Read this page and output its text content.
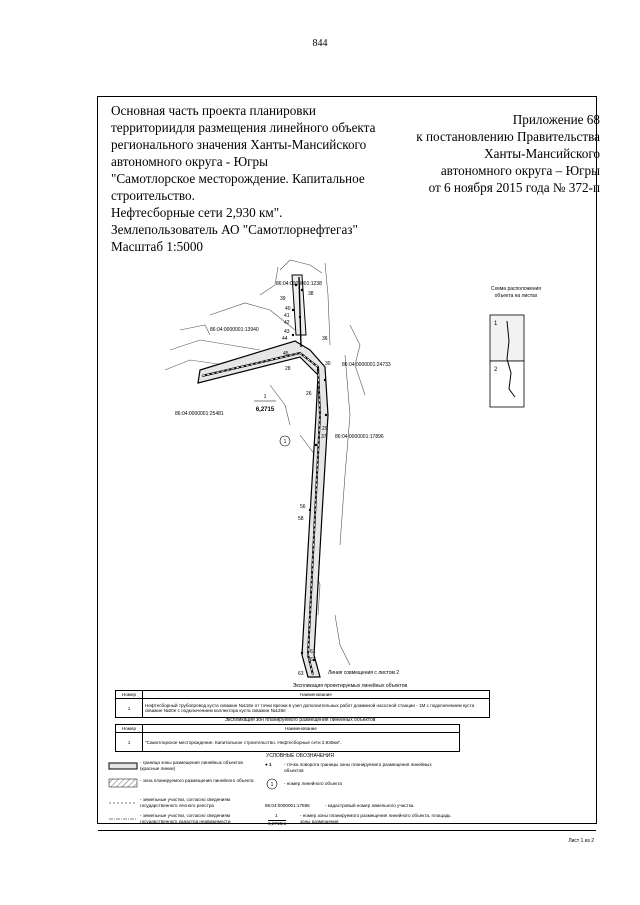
844
Лист 1 из 2
Основная часть проекта планировки
территориидля размещения линейного объекта
регионального значения Ханты-Мансийского
автономного округа - Югры
"Самотлорское месторождение. Капитальное
строительство.
Нефтесборные сети 2,930 км".
Землепользователь АО "Самотлорнефтегаз"
Масштаб 1:5000
Приложение 68
к постановлению Правительства
Ханты-Мансийского
автономного округа – Югры
от 6 ноября 2015 года № 372-п
86:04:0000001:1238
86:04:0000001:13940
86:04:0000001:24733
86:04:0000001:25481
86:04:0000001:17896
39
38
40
41
42
43
44
45
36
28
30
26
29
37
56
58
61
62
63
1
6,2715
1
Линия совмещения с листом 2
Схема расположения
объекта на листах
1
2
Экспликация проектируемых линейных объектов
Номер	Наименование
1	Нефтесборный трубопровод куста скважин №116е от точки врезки в узел дополнительных работ дожимной насосной станции - 1М с подключением куста скважин №20е с подключением коллектора куста скважин №126е
Экспликация зон планируемого размещения линейных объектов
Номер	Наименование
1	"Самотлорское месторождение. Капитальное строительство. Нефтесборные сети 2,930км".
УСЛОВНЫЕ ОБОЗНАЧЕНИЯ
- граница зоны размещения линейных объектов (красные линии)
- зона планируемого размещения линейного объекта
- земельные участки, согласно сведениям государственного лесного реестра
- земельные участки, согласно сведениям государственного кадастра недвижимости
● 1	- точка поворота границы зоны планируемого размещения линейных объектов
1 - номер линейного объекта
86:04:0000001:17896	- кадастровый номер земельного участка
1
6,2715га
- номер зоны планируемого размещения линейного объекта, площадь зоны размещения
